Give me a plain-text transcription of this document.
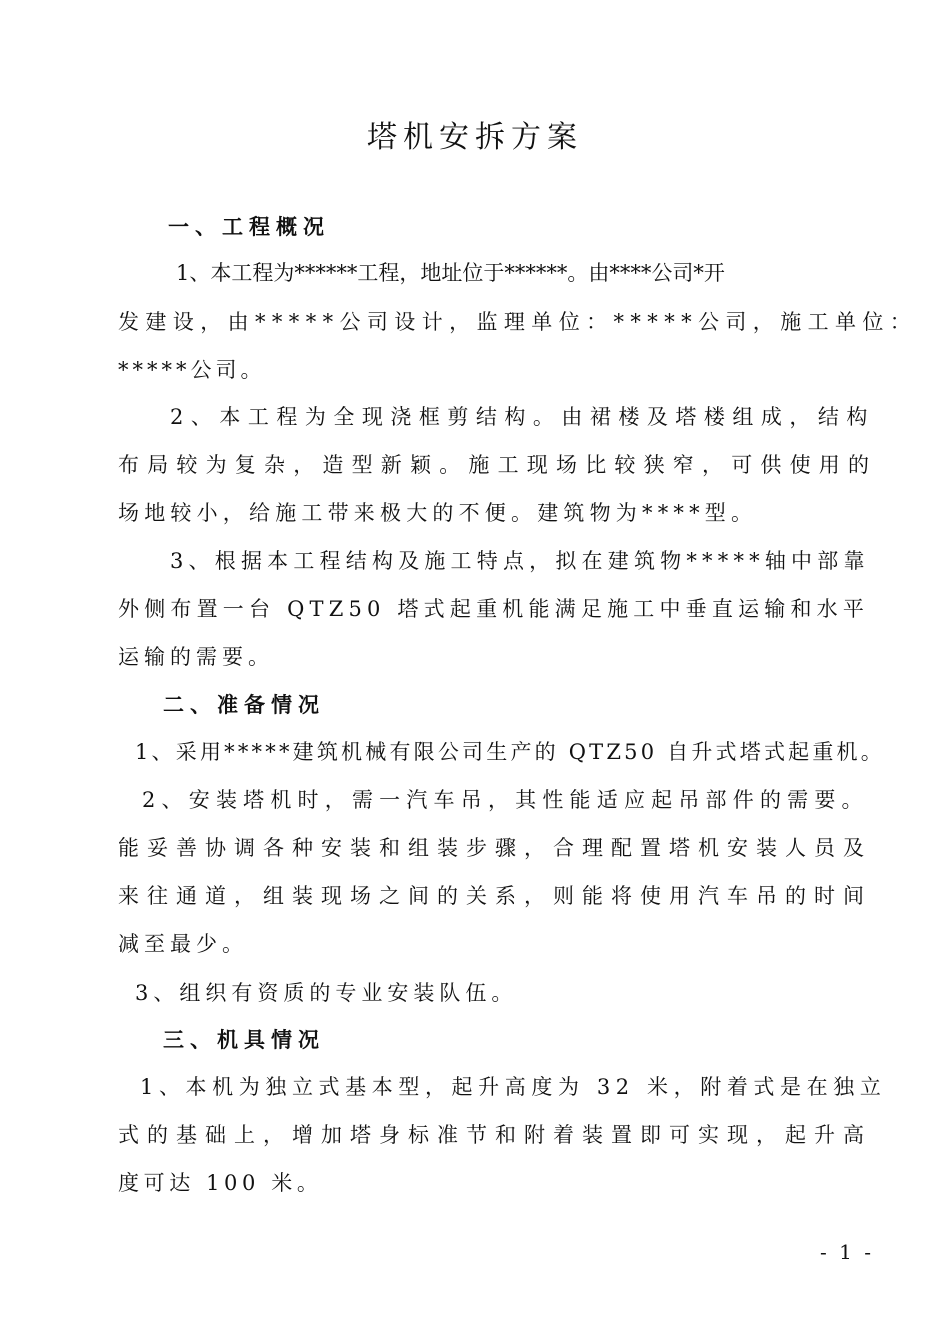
塔机安拆方案
一、工程概况
1、本工程为******工程，地址位于******。由****公司*开
发建设，由*****公司设计，监理单位：*****公司，施工单位：
*****公司。
2、本工程为全现浇框剪结构。由裙楼及塔楼组成，结构
布局较为复杂，造型新颖。施工现场比较狭窄，可供使用的
场地较小，给施工带来极大的不便。建筑物为****型。
3、根据本工程结构及施工特点，拟在建筑物*****轴中部靠
外侧布置一台 QTZ50 塔式起重机能满足施工中垂直运输和水平
运输的需要。
二、准备情况
1、采用*****建筑机械有限公司生产的 QTZ50 自升式塔式起重机。
2、安装塔机时，需一汽车吊，其性能适应起吊部件的需要。
能妥善协调各种安装和组装步骤，合理配置塔机安装人员及
来往通道，组装现场之间的关系，则能将使用汽车吊的时间
减至最少。
3、组织有资质的专业安装队伍。
三、机具情况
1、本机为独立式基本型，起升高度为 32 米，附着式是在独立
式的基础上，增加塔身标准节和附着装置即可实现，起升高
度可达 100 米。
- 1 -
